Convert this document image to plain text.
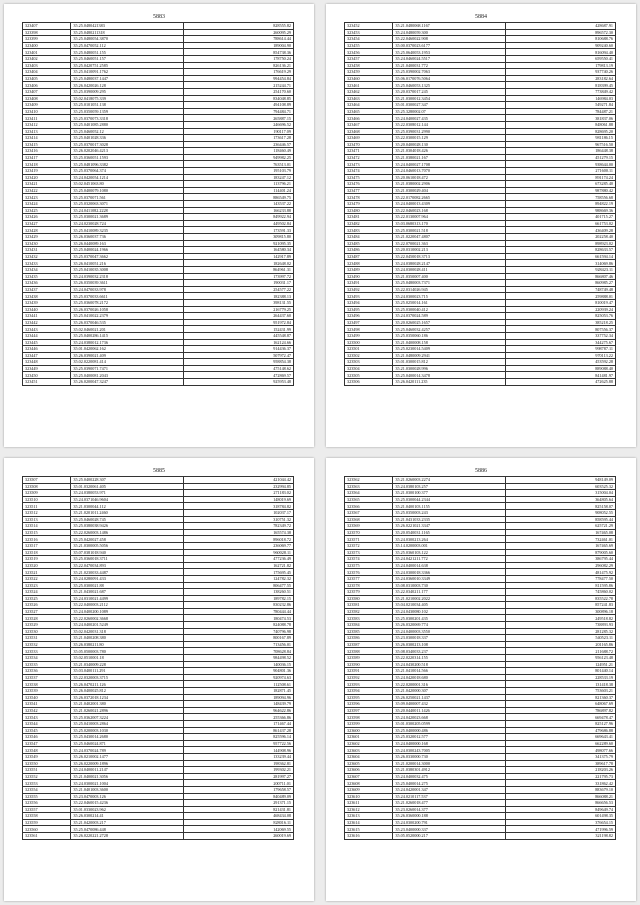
5883
323407	35.25.0480421383	828555.82
323398	35.25.0480211318	260095.29
323399	35.25.0480054.3870	788614.44
323400	35.25.0470052.112	189004.90
323401	35.25.0480051.155	854738.36
323402	35.25.0460051.157	178750.24
323403	35.25.0420751.2585	826136.21
323404	35.25.0410091.1762	176619.29
323405	35.25.0480037.1447	994454.84
323406	35.26.0420026.128	215244.71
323407	35.25.0390009.295	254170.60
323408	35.02.0418075.339	834048.85
323409	35.25.0101051.138	494108.89
323410	35.25.0350059.1359	794484.71
323411	35.25.0370073.3318	265887.15
323412	35.25.0401085.2880	246696.52
323413	35.25.0460052.12	190117.09
323414	35.25.0401028.336	173617.28
323415	35.25.0370017.3028	236446.57
323416	35.26.0202046.4213	118460.49
323417	35.25.0360051.1593	949982.25
323418	35.25.0481096.3382	763513.01
323419	35.25.0370064.374	195103.79
323420	35.24.0420054.1214	183247.12
323421	35.02.0451063.80	113796.21
323422	35.25.0400079.1080	114401.24
323423	35.25.0370071.561	886549.75
323424	35.25.0320063.3071	143537.22
323425	35.24.0411082.2228	166233.88
323426	35.25.0300021.3689	849922.94
323427	35.24.0230028.724	449502.84
323428	35.25.0410089.3235	173591.33
323429	35.26.0360037.736	309815.80
323430	35.26.0440089.163	921095.35
323431	35.25.0400024.1966	164580.34
323432	35.25.0370047.3662	142917.89
323433	35.26.0410051.216	182648.02
323434	35.25.0410035.3008	864961.31
323435	35.24.0390032.2318	173997.72
323436	35.26.0350039.3611	190031.17
323437	35.24.0470033.978	254577.22
323438	35.25.0370033.6611	182388.13
323439	35.25.0360078.2172	398131.55
323440	35.26.0370026.1058	216779.25
323441	35.25.0410022.2379	264437.60
323442	35.26.0370046.535	951972.84
323443	35.02.0460021.201	152431.99
323444	35.25.0400286.1415	445548.87
323445	35.24.0380012.1736	162124.66
323446	35.01.0420062.162	914436.37
323447	35.26.0390021.409	507972.47
323448	35.02.0220081.414	958854.38
323449	35.25.0390071.7471	475148.62
323450	35.25.0400081.2043	472869.57
323451	35.26.0200047.3247	925953.48
5884
323452	35.21.0480068.1167	428687.91
323453	35.24.0480059.300	896572.30
323454	35.22.0460022.908	810688.76
323455	35.00.0370023.6177	909240.60
323456	35.25.0640053.1953	816094.40
323457	35.24.0460024.5517	659550.41
323458	35.21.0400031.772	179813.19
323459	35.25.0390002.7063	937740.26
323460	35.06.0170076.5064	283182.64
323461	35.25.0460053.1325	818399.45
323462	35.20.0370017.245	773849.42
323463	35.21.0300012.3454	146984.03
323464	35.01.0300027.347	549271.84
323465	35.25.3280002.07	784487.21
323466	35.24.0400027.435	381837.06
323467	35.22.0308012.144	848061.88
323468	35.25.0390031.2990	828695.20
323469	35.22.0300015.129	981186.15
323470	35.20.0400028.130	967516.50
323471	35.21.0304018.426	186448.38
323472	35.21.0380021.167	451279.15
323473	35.24.0400027.1708	938644.00
323474	35.24.0460013.7070	271600.11
323475	35.20.0610018.472	891174.24
323476	35.21.0380002.2906	673285.40
323477	35.21.0300029.404	987880.42
323478	35.22.0170082.2665	758556.68
323479	35.24.0400013.4309	894822.19
323480	35.22.0460023.168	988669.36
323481	35.22.0130007.964	401715.27
323482	35.03.0680313.170	661753.02
323483	35.25.0300021.518	436409.28
323484	35.21.0220047.4807	202258.40
323485	35.22.0700021.363	898923.02
323486	35.20.0310002.213	828633.57
323487	35.22.0450018.3713	661594.14
323488	35.24.0380028.2147	314069.86
323489	35.24.0300028.411	928423.11
323490	35.21.0350007.400	866807.46
323491	35.25.0480003.7371	860985.27
323492	35.22.0314026.945	748749.48
323493	35.24.0300023.715	259888.01
323494	35.25.0250014.161	810019.47
323495	35.25.0300040.412	220939.24
323496	35.24.0370024.589	825053.76
323497	35.20.0260025.1657	385218.25
323498	35.25.0460032.4257	807556.37
323499	35.25.0350060.186	337752.34
323500	35.21.0400008.158	344275.67
323501	35.25.0230014.5409	998787.11
323502	35.21.0480009.2941	970113.22
323503	35.01.0300015.812	453592.28
323504	35.21.0300028.996	889088.40
323505	35.25.0400014.3478	841481.97
323506	35.26.0420111.235	472625.88
5885
323507	35.25.0400228.307	421044.42
323508	35.01.0320061.405	232994.85
323509	35.24.0380053.971	271183.02
323510	35.24.0371046.9604	148019.69
323511	35.21.0300044.112	318784.82
323512	35.21.0201011.2460	102037.17
323513	35.25.0460028.745	310751.32
323514	35.25.0380038.9426	782349.72
323515	35.22.0260003.1486	165574.38
323516	35.25.0420027.458	896018.72
323517	35.21.0300005.5056	236069.77
323518	35.07.0381018.940	960028.11
323519	35.25.0360018.3711	477236.49
323520	35.22.0470034.893	162721.82
323521	35.21.0230033.4487	175695.45
323522	35.24.0280091.433	124782.32
323523	35.25.0300021.88	806477.55
323524	35.21.0430021.687	138260.51
323525	35.24.0310021.4499	189782.15
323526	35.22.0400003.2112	830232.86
323527	35.24.0400200.1089	780444.44
323528	35.22.0260002.3668	180474.53
323529	35.24.0400201.5249	824088.78
323530	35.02.0420031.318	740796.98
323531	35.21.0400208.380	800167.89
323532	35.26.0380211.80	713456.01
323533	35.05.0500003.780	708628.84
323534	35.02.0510001.18	984498.52
323535	35.21.0340009.228	140036.15
323536	35.03.0400111.291	904801.36
323537	35.22.0320003.3715	920974.63
323538	35.26.0470211.126	112508.61
323539	35.26.0400025.812	182871.45
323540	35.26.0372018.1234	189094.96
323541	35.21.0402001.380	148439.79
323542	35.21.0260021.2896	964622.86
323543	35.25.0362007.3224	255366.86
323544	35.25.0410003.2864	171467.44
323545	35.25.0200003.1030	861437.28
323546	35.25.0430014.2680	825596.14
323547	35.25.0460024.871	957722.56
323548	35.24.0370024.789	144908.96
323549	35.26.0210002.1477	133239.44
323550	35.26.0220009.1896	198362.81
323551	35.24.0400011.2147	199302.21
323552	35.21.0400021.3056	281997.27
323553	35.24.0300021.1004	200711.01
323554	35.21.0401003.3600	179658.57
323555	35.23.0470003.126	840489.09
323556	35.22.0460015.4236	291371.15
323557	35.01.0330023.962	821431.81
323558	35.26.0300214.41	468434.08
323559	35.21.0420003.217	828016.11
323560	35.25.0470086.448	142069.55
323561	35.26.0220221.2728	260019.69
5886
323562	35.21.0260003.2274	948149.09
323563	35.24.0380103.257	603525.32
323564	35.21.0300100.377	315004.04
323565	35.25.0300044.2344	364805.64
323566	35.21.0400103.1155	825158.07
323567	35.25.0350003.243	908052.55
323568	35.21.0431033.2335	858595.44
323569	35.26.0221021.3347	625721.29
323570	35.20.0540031.1165	167465.08
323571	35.24.0300213.264	732461.01
323572	35.14.0200003.001	167465.69
323573	35.25.0360103.122	879005.60
323574	35.24.0421211.772	386795.44
323575	35.24.0400014.638	296082.29
323576	35.24.0300018.3366	481475.92
323577	35.24.0360010.3349	778477.50
323578	35.08.0310003.730	811595.86
323579	35.22.0340211.177	745860.02
323580	35.21.0210002.2022	835522.78
323581	35.04.0210034.405	857241.83
323582	35.24.0430080.102	300896.18
323583	35.25.0300201.435	249518.82
323584	35.26.0320069.774	738893.93
323585	35.24.0400003.3550	281285.32
323586	35.23.0300018.337	540523.11
323587	35.26.0300213.108	201165.86
323588	35.08.0340033.237	211688.72
323589	35.22.0220314.155	956123.48
323590	35.24.0430200.518	124951.21
323591	35.21.0410014.566	801440.14
323592	35.24.0420018.680	228533.19
323593	35.22.0200001.316	131418.38
323594	35.21.0420000.307	753603.21
323595	35.26.0250021.1437	821360.37
323596	35.09.0400007.432	648067.69
323597	35.20.0440011.1426	786897.82
323598	35.24.0420023.668	669478.47
323599	35.01.0300205.0599	825127.96
323600	35.25.0400000.486	479686.88
323601	35.25.0320012.577	669643.41
323602	35.24.0400000.168	662289.60
323603	35.24.0300243.7005	498077.66
323604	35.26.0330000.730	341375.79
323605	35.21.0200014.3000	389617.78
323606	35.21.0380301.4912	218203.26
323607	35.24.0400032.475	221795.73
323608	35.25.0400014.275	331862.42
323609	35.24.0420001.347	883679.10
323610	35.24.0210117.537	866088.21
323611	35.21.0260018.477	866656.53
323612	35.23.0260014.377	849649.74
323613	35.26.0360000.188	601498.35
323614	35.24.0300200.791	376654.15
323615	35.23.0400000.337	471996.59
323616	35.05.0520000.217	321198.82
